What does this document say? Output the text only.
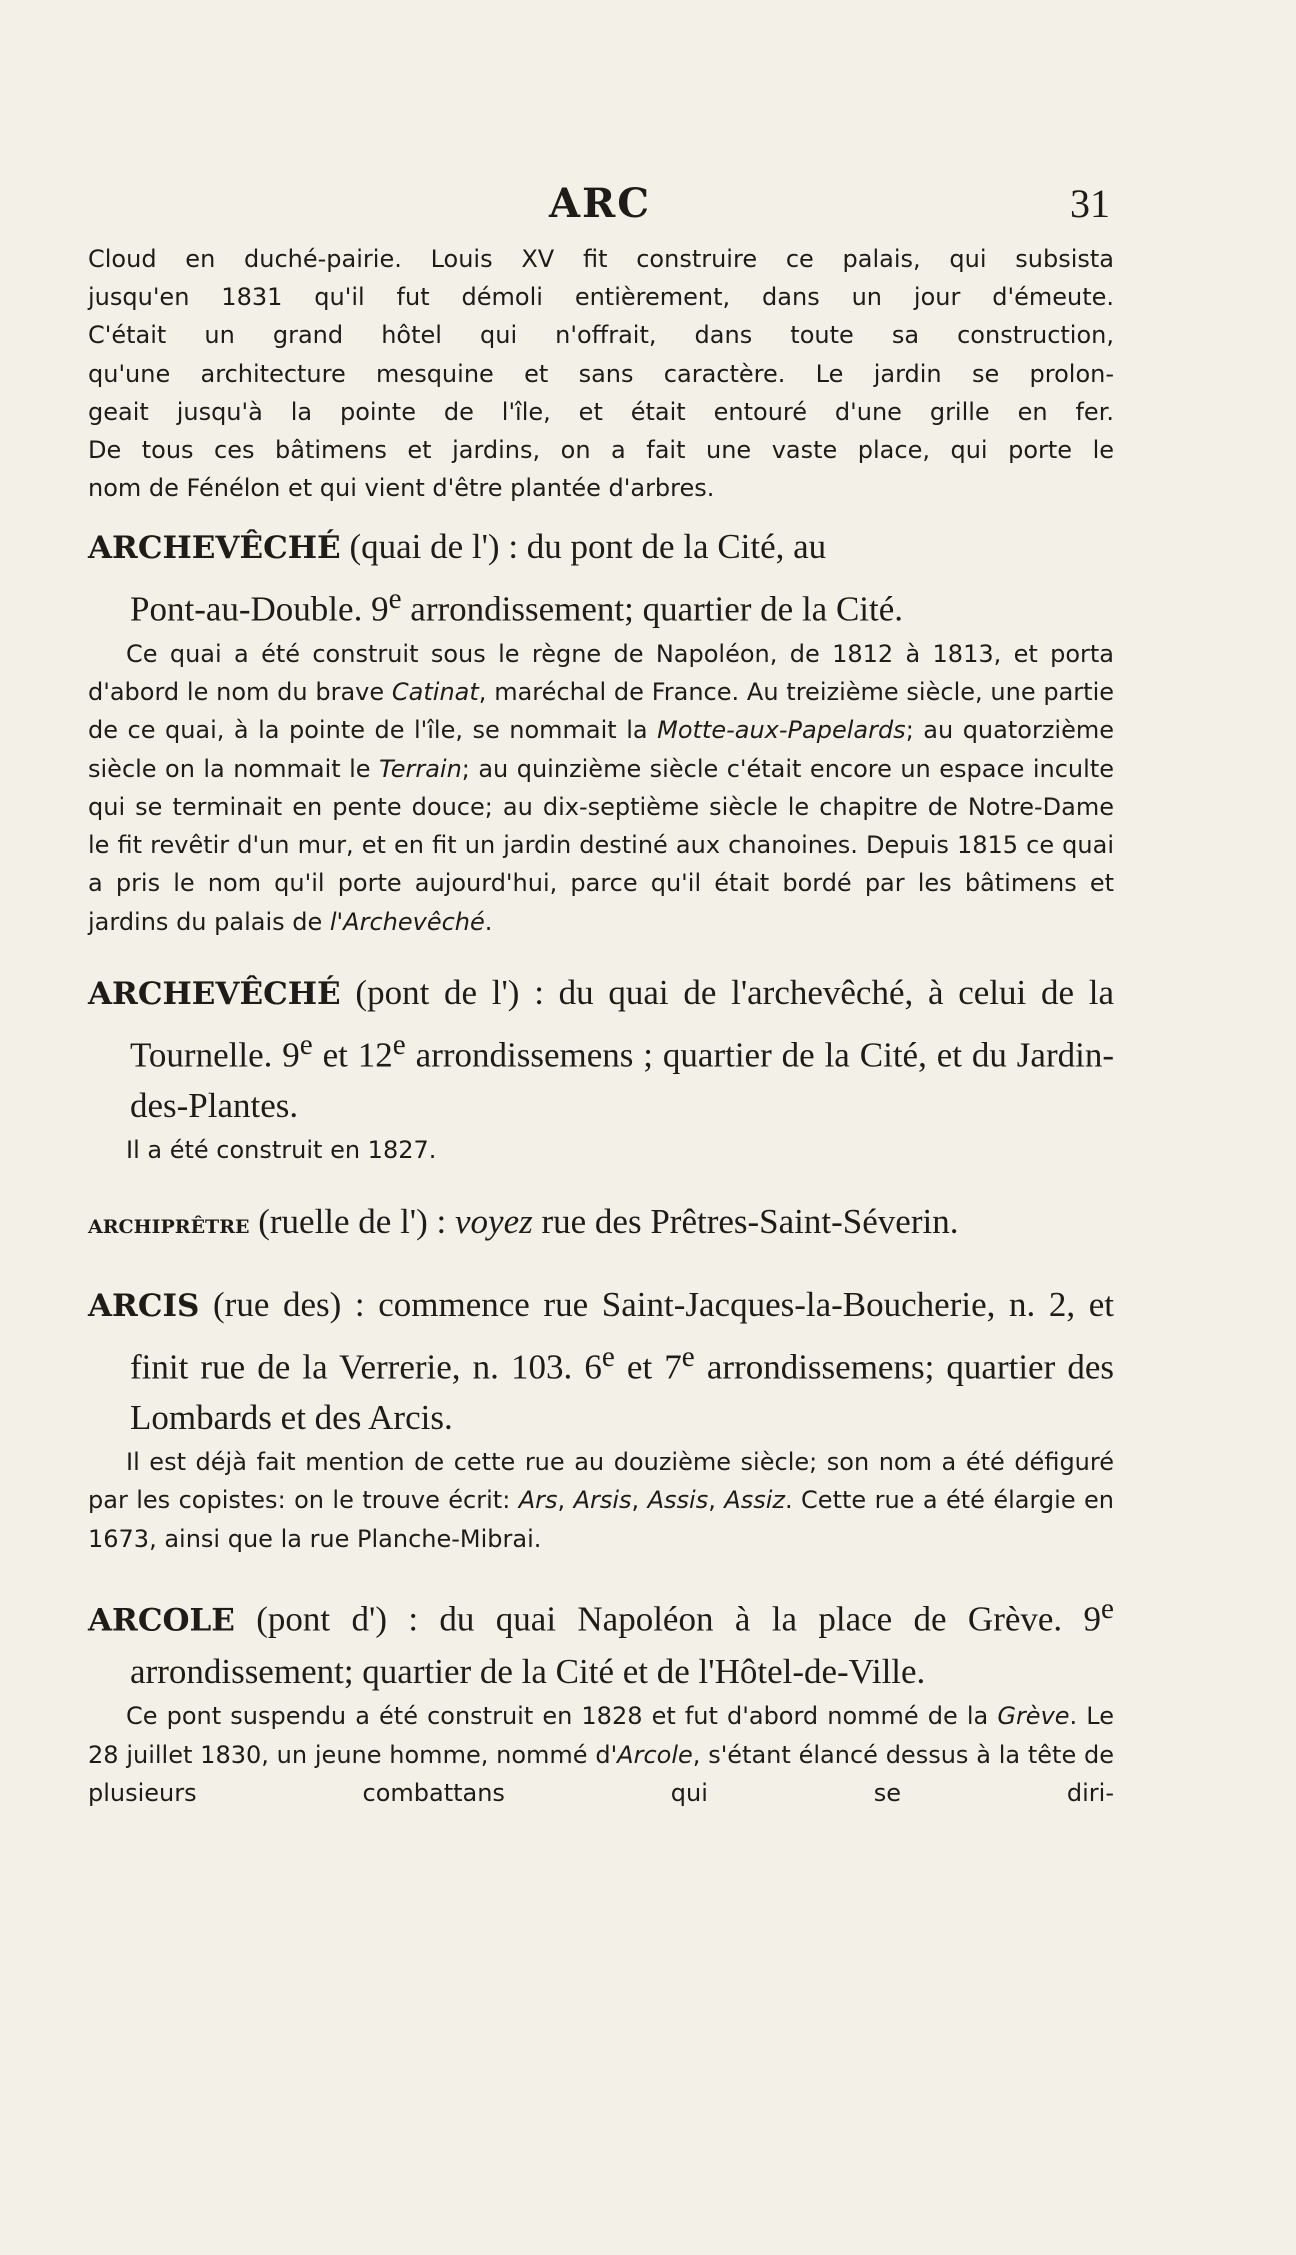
ARC	31

Cloud en duché-pairie. Louis XV fit construire ce palais, qui subsista

jusqu'en 1831 qu'il fut démoli entièrement, dans un jour d'émeute.

C'était un grand hôtel qui n'offrait, dans toute sa construction,

qu'une architecture mesquine et sans caractère. Le jardin se prolon-

geait jusqu'à la pointe de l'île, et était entouré d'une grille en fer.

De tous ces bâtimens et jardins, on a fait une vaste place, qui porte le

nom de Fénélon et qui vient d'être plantée d'arbres.

ARCHEVÊCHÉ (quai de l') : du pont de la Cité, au
Pont-au-Double. 9e arrondissement; quartier de la Cité.

Ce quai a été construit sous le règne de Napoléon, de 1812 à 1813, et porta d'abord le nom du brave Catinat, maréchal de France. Au treizième siècle, une partie de ce quai, à la pointe de l'île, se nommait la Motte-aux-Papelards; au quatorzième siècle on la nommait le Terrain; au quinzième siècle c'était encore un espace inculte qui se terminait en pente douce; au dix-septième siècle le chapitre de Notre-Dame le fit revêtir d'un mur, et en fit un jardin destiné aux chanoines. Depuis 1815 ce quai a pris le nom qu'il porte aujourd'hui, parce qu'il était bordé par les bâtimens et jardins du palais de l'Archevêché.

ARCHEVÊCHÉ (pont de l') : du quai de l'archevêché, à celui de la Tournelle. 9e et 12e arrondissemens ; quartier de la Cité, et du Jardin-des-Plantes.

Il a été construit en 1827.

ARCHIPRÊTRE (ruelle de l') : voyez rue des Prêtres-Saint-Séverin.

ARCIS (rue des) : commence rue Saint-Jacques-la-Boucherie, n. 2, et finit rue de la Verrerie, n. 103. 6e et 7e arrondissemens; quartier des Lombards et des Arcis.

Il est déjà fait mention de cette rue au douzième siècle; son nom a été défiguré par les copistes: on le trouve écrit: Ars, Arsis, Assis, Assiz. Cette rue a été élargie en 1673, ainsi que la rue Planche-Mibrai.

ARCOLE (pont d') : du quai Napoléon à la place de Grève. 9e arrondissement; quartier de la Cité et de l'Hôtel-de-Ville.

Ce pont suspendu a été construit en 1828 et fut d'abord nommé de la Grève. Le 28 juillet 1830, un jeune homme, nommé d'Arcole, s'étant élancé dessus à la tête de plusieurs combattans qui se diri-
